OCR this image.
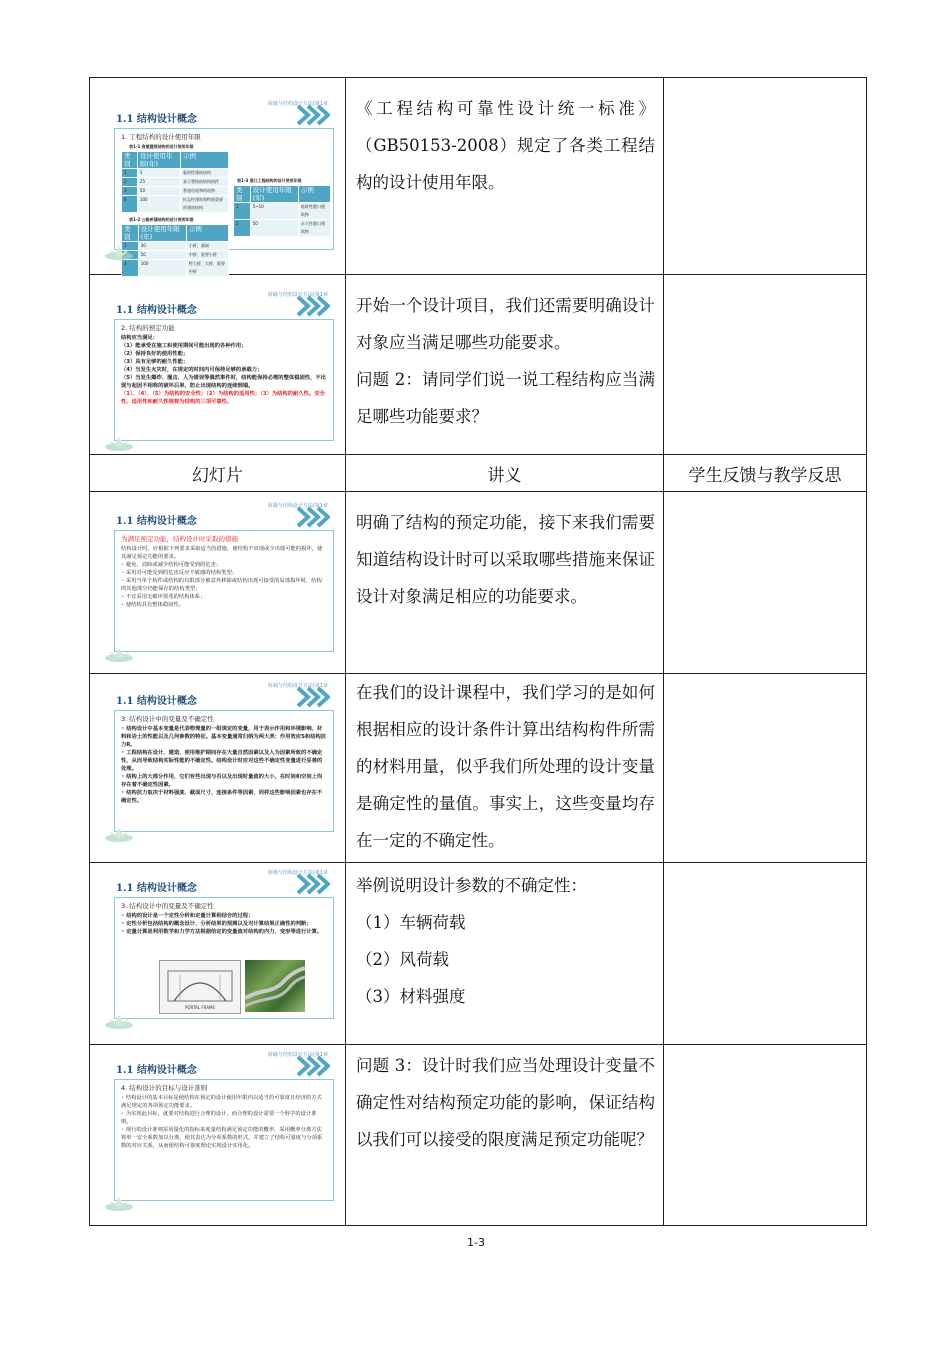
荷载与结构设计方法(第1章
1.1 结构设计概念
1. 工程结构的设计使用年限
表1-1 房屋建筑结构的设计使用年限
类别	设计使用年限(年)	示例
1	5	临时性建筑结构
2	25	易于替换的结构构件
3	50	普通房屋和构筑物
4	100	标志性建筑和特别重要的建筑结构
表1-2 公路桥涵结构的设计使用年限
类别	设计使用年限(年)	示例
1	30	小桥、涵洞
	50	中桥、重要小桥
3	100	特大桥、大桥、重要中桥
表1-3 港口工程结构的设计使用年限
类别	设计使用年限(年)	示例
1	5~10	临时性港口建筑物
2	50	永久性港口建筑物

《工程结构可靠性设计统一标准》（GB50153-2008）规定了各类工程结构的设计使用年限。

荷载与结构设计方法(第1章
1.1 结构设计概念
2. 结构的预定功能
结构应当满足：
（1）能承受在施工和使用期间可能出现的各种作用；
（2）保持良好的使用性能；
（3）具有足够的耐久性能；
（4）当发生火灾时，在规定的时间内可保持足够的承载力；
（5）当发生爆炸、撞击、人为错误等偶然事件时，结构能保持必需的整体稳固性，不出现与起因不相称的破坏后果，防止出现结构的连续倒塌。
（1）、（4）、（5）为结构的安全性；（2）为结构的适用性；（3）为结构的耐久性。安全性、适用性和耐久性统称为结构的三项可靠性。

开始一个设计项目，我们还需要明确设计对象应当满足哪些功能要求。

问题 2：请同学们说一说工程结构应当满足哪些功能要求？

幻灯片	讲义	学生反馈与教学反思

荷载与结构设计方法(第1章
1.1 结构设计概念
为满足预定功能，结构设计时采取的措施
结构设计时，应根据下列要求采取适当的措施，使结构不出现或少出现可能的损坏，使其满足预定功能的要求。
• 避免、消除或减少结构可能受到的危害；
• 采用对可能受到的危害反应不敏感的结构类型；
• 采用当单个构件或结构的有限部分被意外移除或结构出现可接受的局部损坏时，结构的其他部分仍能保存的结构类型；
• 不宜采用无破坏预兆的结构体系；
• 使结构具有整体稳固性。

明确了结构的预定功能，接下来我们需要知道结构设计时可以采取哪些措施来保证设计对象满足相应的功能要求。

荷载与结构设计方法(第1章
1.1 结构设计概念
3. 结构设计中的变量及不确定性
• 结构设计中基本变量是代表物理量的一组规定的变量，用于表示作用和环境影响、材料和岩土的性能以及几何参数的特征。基本变量通常归纳为两大类：作用效应S和结构抗力R。
• 工程结构在设计、建造、使用维护期间存在大量自然因素以及人为因素所致的不确定性，从而导致结构实际性能的不确定性。结构设计时应对这些不确定性变量进行妥善的处理。
• 结构上的大部分作用，它们有些出现与否以及出现时量值的大小，在时间和空间上均存在着不确定性因素。
• 结构抗力取决于材料强度、截面尺寸、连接条件等因素，同样这些影响因素也存在不确定性。

在我们的设计课程中，我们学习的是如何根据相应的设计条件计算出结构构件所需的材料用量，似乎我们所处理的设计变量是确定性的量值。事实上，这些变量均存在一定的不确定性。

荷载与结构设计方法(第1章
1.1 结构设计概念
3. 结构设计中的变量及不确定性
• 结构的设计是一个定性分析和定量计算相结合的过程；
• 定性分析包括结构的概念设计、分析结果的预测以及对计算结果正确性的判断；
• 定量计算是利用数学和力学方法根据给定的变量值对结构的内力、变形等进行计算。
PORTAL FRAME

举例说明设计参数的不确定性：

（1）车辆荷载

（2）风荷载

（3）材料强度

荷载与结构设计方法(第1章
1.1 结构设计概念
4. 结构设计的目标与设计准则
• 结构设计的基本目标是使结构在预定的设计使用年限内以适当的可靠度且经济的方式满足规定的各项预定功能要求。
• 为实现此目标，就要对结构进行合理的设计，而合理的设计需要一个科学的设计准则。
• 现行的设计准则采用量化的指标来度量结构满足预定功能的概率，采用概率分离方法将单一安全系数加以分离，使其表达为分项系数的形式，并建立了结构可靠度与分项系数的对应关系，从而使结构可靠度理论实现设计实用化。

问题 3：设计时我们应当处理设计变量不确定性对结构预定功能的影响，保证结构以我们可以接受的限度满足预定功能呢？

1-3
